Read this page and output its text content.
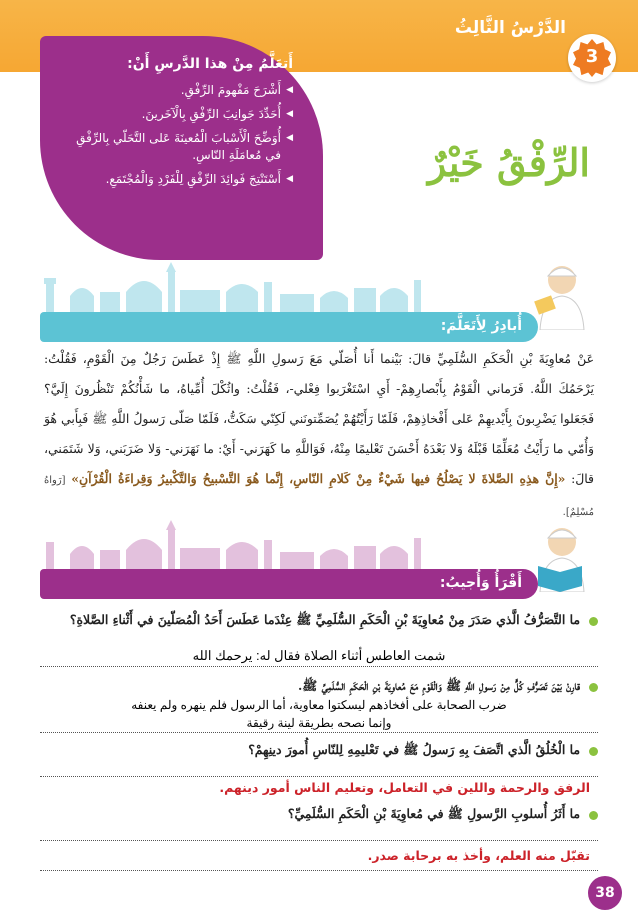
الدَّرْسُ الثَّالِثُ
3
أَتعَلَّمُ مِنْ هذا الدَّرسِ أَنْ:
◀
أَشْرَحَ مَفْهومَ الرِّفْقِ.
◀
أُحَدِّدَ جَوانِبَ الرِّفْقِ بِالْآخَرينَ.
◀
أُوَضِّحَ الْأَسْبابَ الْمُعينَةَ عَلى التَّحَلّي بِالرِّفْقِ في مُعامَلَةِ النّاسِ.
◀
أَسْتَنْتِجَ فَوائِدَ الرِّفْقِ لِلْفَرْدِ وَالْمُجْتَمَعِ.	الرِّفْقُ خَيْرٌ
أُبادِرُ لِأَتَعَلَّمَ:
عَنْ مُعاوِيَةَ بْنِ الْحَكَمِ السُّلَمِيِّ قالَ: بَيْنما أَنا أُصَلّي مَعَ رَسولِ اللَّهِ ﷺ إِذْ عَطَسَ رَجُلٌ مِنَ الْقَوْمِ، فَقُلْتُ: يَرْحَمُكَ اللَّهُ. فَرَماني الْقَوْمُ بِأَبْصارِهِمْ- أَيِ اسْتَغْرَبوا فِعْلي-، فَقُلْتُ: واثُكْلَ أُمِّياهُ، ما شَأْنُكُمْ تَنْظُرونَ إِلَيَّ؟ فَجَعَلوا يَضْرِبونَ بِأَيْديهِمْ عَلى أَفْخاذِهِمْ، فَلَمّا رَأَيْتُهُمْ يُصَمِّتونَني لَكِنّي سَكَتُّ، فَلَمّا صَلّى رَسولُ اللَّهِ ﷺ فَبِأَبي هُوَ وَأُمّي ما رَأَيْتُ مُعَلِّمًا قَبْلَهُ وَلا بَعْدَهُ أَحْسَنَ تَعْليمًا مِنْهُ، فَوَاللَّهِ ما كَهَرَني- أَيْ: ما نَهَرَني- وَلا ضَرَبَني، وَلا شَتَمَني، قالَ: «إِنَّ هذِهِ الصَّلاةَ لا يَصْلُحُ فيها شَيْءٌ مِنْ كَلامِ النّاسِ، إِنَّما هُوَ التَّسْبيحُ وَالتَّكْبيرُ وَقِراءَةُ الْقُرْآنِ» [رَواهُ مُسْلِمٌ].
أَقْرَأُ وَأُجيبُ:
ما التَّصَرُّفُ الَّذي صَدَرَ مِنْ مُعاوِيَةَ بْنِ الْحَكَمِ السُّلَمِيِّ ﷺ عِنْدَما عَطَسَ أَحَدُ الْمُصَلّينَ في أَثْناءِ الصَّلاةِ؟
شمت العاطس أثناء الصلاة فقال له: يرحمك الله
قارِنْ بَيْنَ تَصَرُّفِ كُلٍّ مِنْ رَسولِ اللَّهِ ﷺ وَالْقَوْمِ مَعَ مُعاوِيَةَ بْنِ الْحَكَمِ السُّلَمِيِّ ﷺ.
ضرب الصحابة على أفخاذهم ليسكتوا معاوية، أما الرسول فلم ينهره ولم يعنفه
وإنما نصحه بطريقة لينة رقيقة
ما الْخُلُقُ الَّذي اتَّصَفَ بِهِ رَسولُ ﷺ في تَعْليمِهِ لِلنّاسِ أُمورَ دينِهِمْ؟
الرفق والرحمة واللين في التعامل، وتعليم الناس أمور دينهم.
ما أَثَرُ أُسلوبِ الرَّسولِ ﷺ في مُعاوِيَةَ بْنِ الْحَكَمِ السُّلَمِيِّ؟
تقبّل منه العلم، وأخذ به برحابة صدر.
38
